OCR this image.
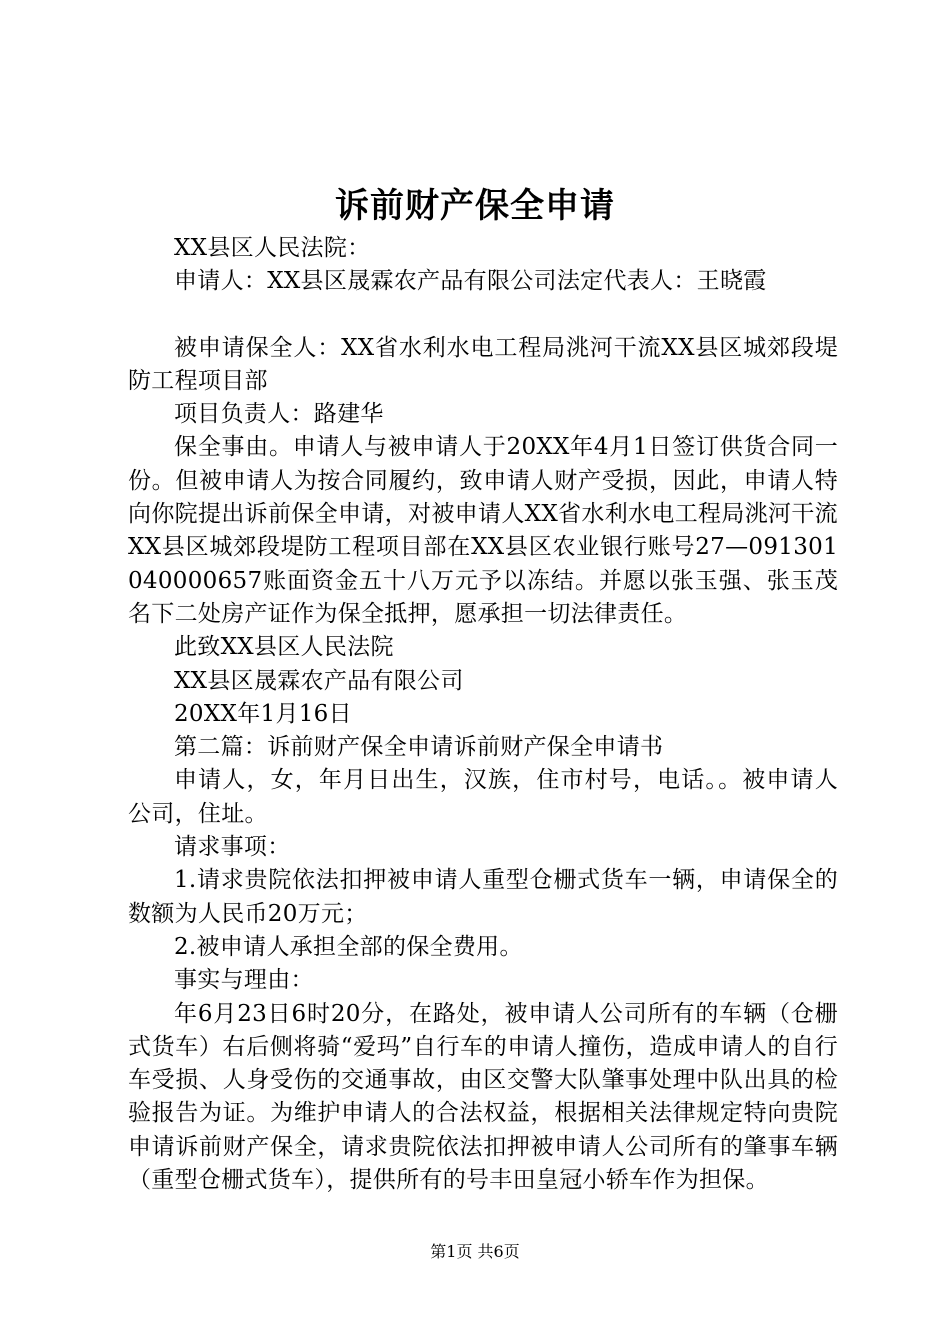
诉前财产保全申请

XX县区人民法院：

申请人：XX县区晟霖农产品有限公司法定代表人：王晓霞

被申请保全人：XX省水利水电工程局洮河干流XX县区城郊段堤防工程项目部

项目负责人：路建华

保全事由。申请人与被申请人于20XX年4月1日签订供货合同一份。但被申请人为按合同履约，致申请人财产受损，因此，申请人特向你院提出诉前保全申请，对被申请人XX省水利水电工程局洮河干流XX县区城郊段堤防工程项目部在XX县区农业银行账号27—091301040000657账面资金五十八万元予以冻结。并愿以张玉强、张玉茂名下二处房产证作为保全抵押，愿承担一切法律责任。

此致XX县区人民法院

XX县区晟霖农产品有限公司

20XX年1月16日

第二篇：诉前财产保全申请诉前财产保全申请书

申请人，女，年月日出生，汉族，住市村号，电话。。被申请人公司，住址。

请求事项：

1.请求贵院依法扣押被申请人重型仓栅式货车一辆，申请保全的数额为人民币20万元；

2.被申请人承担全部的保全费用。

事实与理由：

年6月23日6时20分，在路处，被申请人公司所有的车辆（仓栅式货车）右后侧将骑“爱玛”自行车的申请人撞伤，造成申请人的自行车受损、人身受伤的交通事故，由区交警大队肇事处理中队出具的检验报告为证。为维护申请人的合法权益，根据相关法律规定特向贵院申请诉前财产保全，请求贵院依法扣押被申请人公司所有的肇事车辆（重型仓栅式货车），提供所有的号丰田皇冠小轿车作为担保。

第1页 共6页
